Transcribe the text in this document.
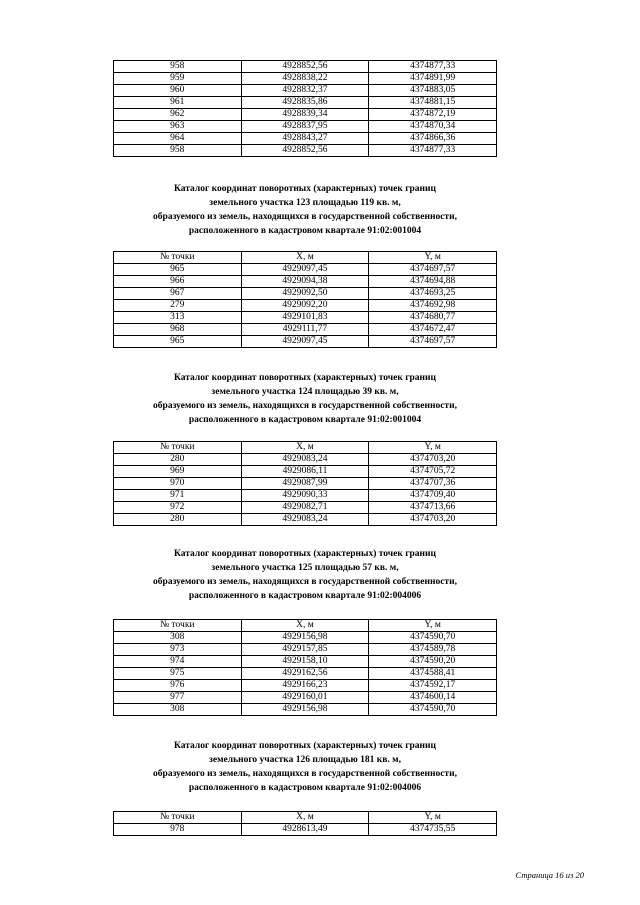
958	4928852,56	4374877,33
959	4928838,22	4374891,99
960	4928832,37	4374883,05
961	4928835,86	4374881,15
962	4928839,34	4374872,19
963	4928837,95	4374870,34
964	4928843,27	4374866,36
958	4928852,56	4374877,33
Каталог координат поворотных (характерных) точек границ
земельного участка 123 площадью 119 кв. м,
образуемого из земель, находящихся в государственной собственности,
расположенного в кадастровом квартале 91:02:001004
№ точки	X, м	Y, м
965	4929097,45	4374697,57
966	4929094,38	4374694,88
967	4929092,50	4374693,25
279	4929092,20	4374692,98
313	4929101,83	4374680,77
968	4929111,77	4374672,47
965	4929097,45	4374697,57
Каталог координат поворотных (характерных) точек границ
земельного участка 124 площадью 39 кв. м,
образуемого из земель, находящихся в государственной собственности,
расположенного в кадастровом квартале 91:02:001004
№ точки	X, м	Y, м
280	4929083,24	4374703,20
969	4929086,11	4374705,72
970	4929087,99	4374707,36
971	4929090,33	4374709,40
972	4929082,71	4374713,66
280	4929083,24	4374703,20
Каталог координат поворотных (характерных) точек границ
земельного участка 125 площадью 57 кв. м,
образуемого из земель, находящихся в государственной собственности,
расположенного в кадастровом квартале 91:02:004006
№ точки	X, м	Y, м
308	4929156,98	4374590,70
973	4929157,85	4374589,78
974	4929158,10	4374590,20
975	4929162,56	4374588,41
976	4929166,23	4374592,17
977	4929160,01	4374600,14
308	4929156,98	4374590,70
Каталог координат поворотных (характерных) точек границ
земельного участка 126 площадью 181 кв. м,
образуемого из земель, находящихся в государственной собственности,
расположенного в кадастровом квартале 91:02:004006
№ точки	X, м	Y, м
978	4928613,49	4374735,55
Страница 16 из 20
